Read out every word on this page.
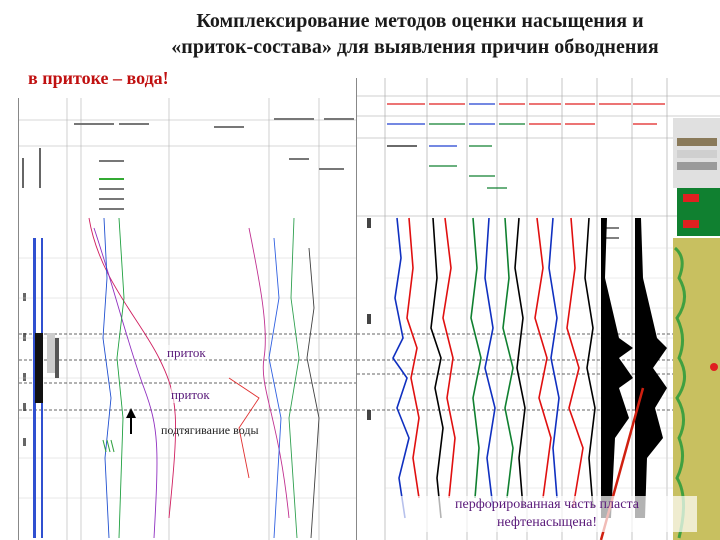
Комплексирование методов оценки насыщения и
«приток-состава» для выявления причин обводнения
в притоке – вода!
приток
приток
подтягивание воды
перфорированная часть пласта
нефтенасыщена!
